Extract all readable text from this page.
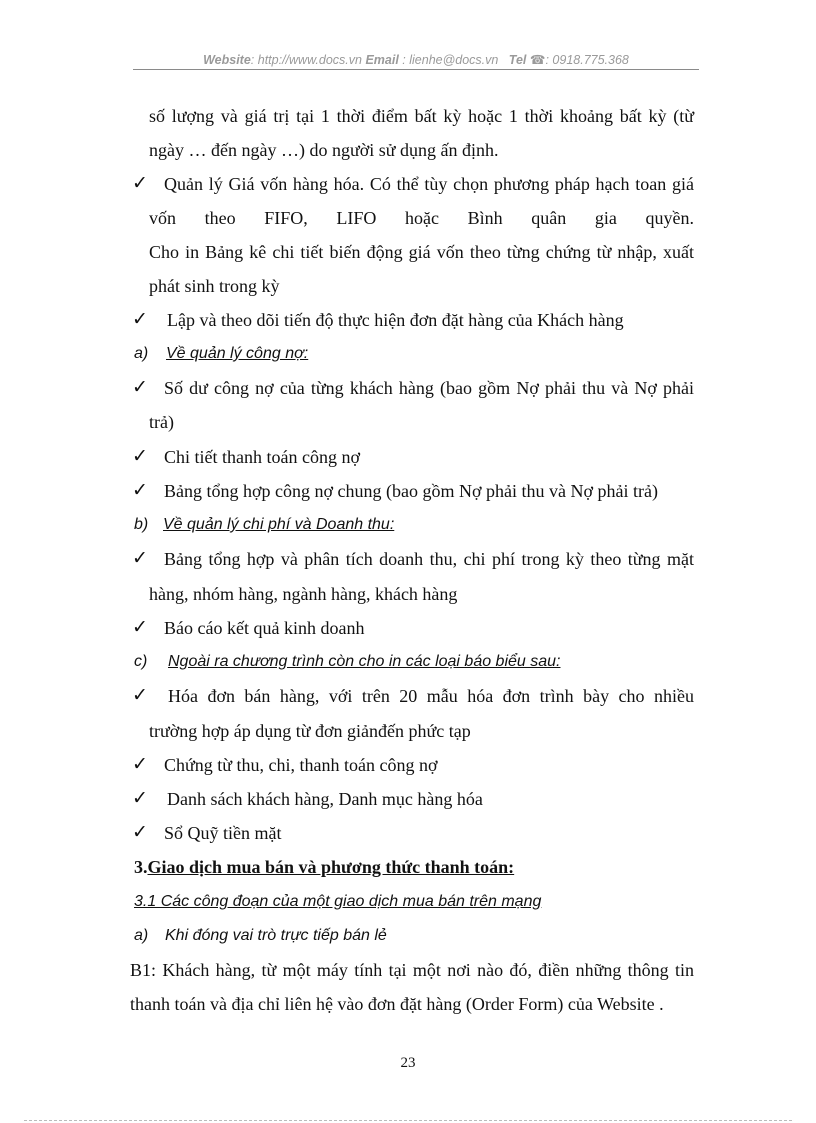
Website: http://www.docs.vn Email : lienhe@docs.vn Tel ☎: 0918.775.368
số lượng và giá trị tại 1 thời điểm bất kỳ hoặc 1 thời khoảng bất kỳ (từ
ngày … đến ngày …) do người sử dụng ấn định.
✓ Quản lý Giá vốn hàng hóa. Có thể tùy chọn phương pháp hạch toan giá
vốn theo FIFO, LIFO hoặc Bình quân gia quyền.
Cho in Bảng kê chi tiết biến động giá vốn theo từng chứng từ nhập, xuất
phát sinh trong kỳ
✓ Lập và theo dõi tiến độ thực hiện đơn đặt hàng của Khách hàng
a) Về quản lý công nợ:
✓ Số dư công nợ của từng khách hàng (bao gồm Nợ phải thu và Nợ phải
trả)
✓ Chi tiết thanh toán công nợ
✓ Bảng tổng hợp công nợ chung (bao gồm Nợ phải thu và Nợ phải trả)
b) Về quản lý chi phí và Doanh thu:
✓ Bảng tổng hợp và phân tích doanh thu, chi phí trong kỳ theo từng mặt
hàng, nhóm hàng, ngành hàng, khách hàng
✓ Báo cáo kết quả kinh doanh
c) Ngoài ra chương trình còn cho in các loại báo biểu sau:
✓ Hóa đơn bán hàng, với trên 20 mẫu hóa đơn trình bày cho nhiều
trường hợp áp dụng từ đơn giảnđến phức tạp
✓ Chứng từ thu, chi, thanh toán công nợ
✓ Danh sách khách hàng, Danh mục hàng hóa
✓ Sổ Quỹ tiền mặt
3.Giao dịch mua bán và phương thức thanh toán:
3.1 Các công đoạn của một giao dịch mua bán trên mạng
a) Khi đóng vai trò trực tiếp bán lẻ
B1: Khách hàng, từ một máy tính tại một nơi nào đó, điền những thông tin
thanh toán và địa chỉ liên hệ vào đơn đặt hàng (Order Form) của Website .
23
